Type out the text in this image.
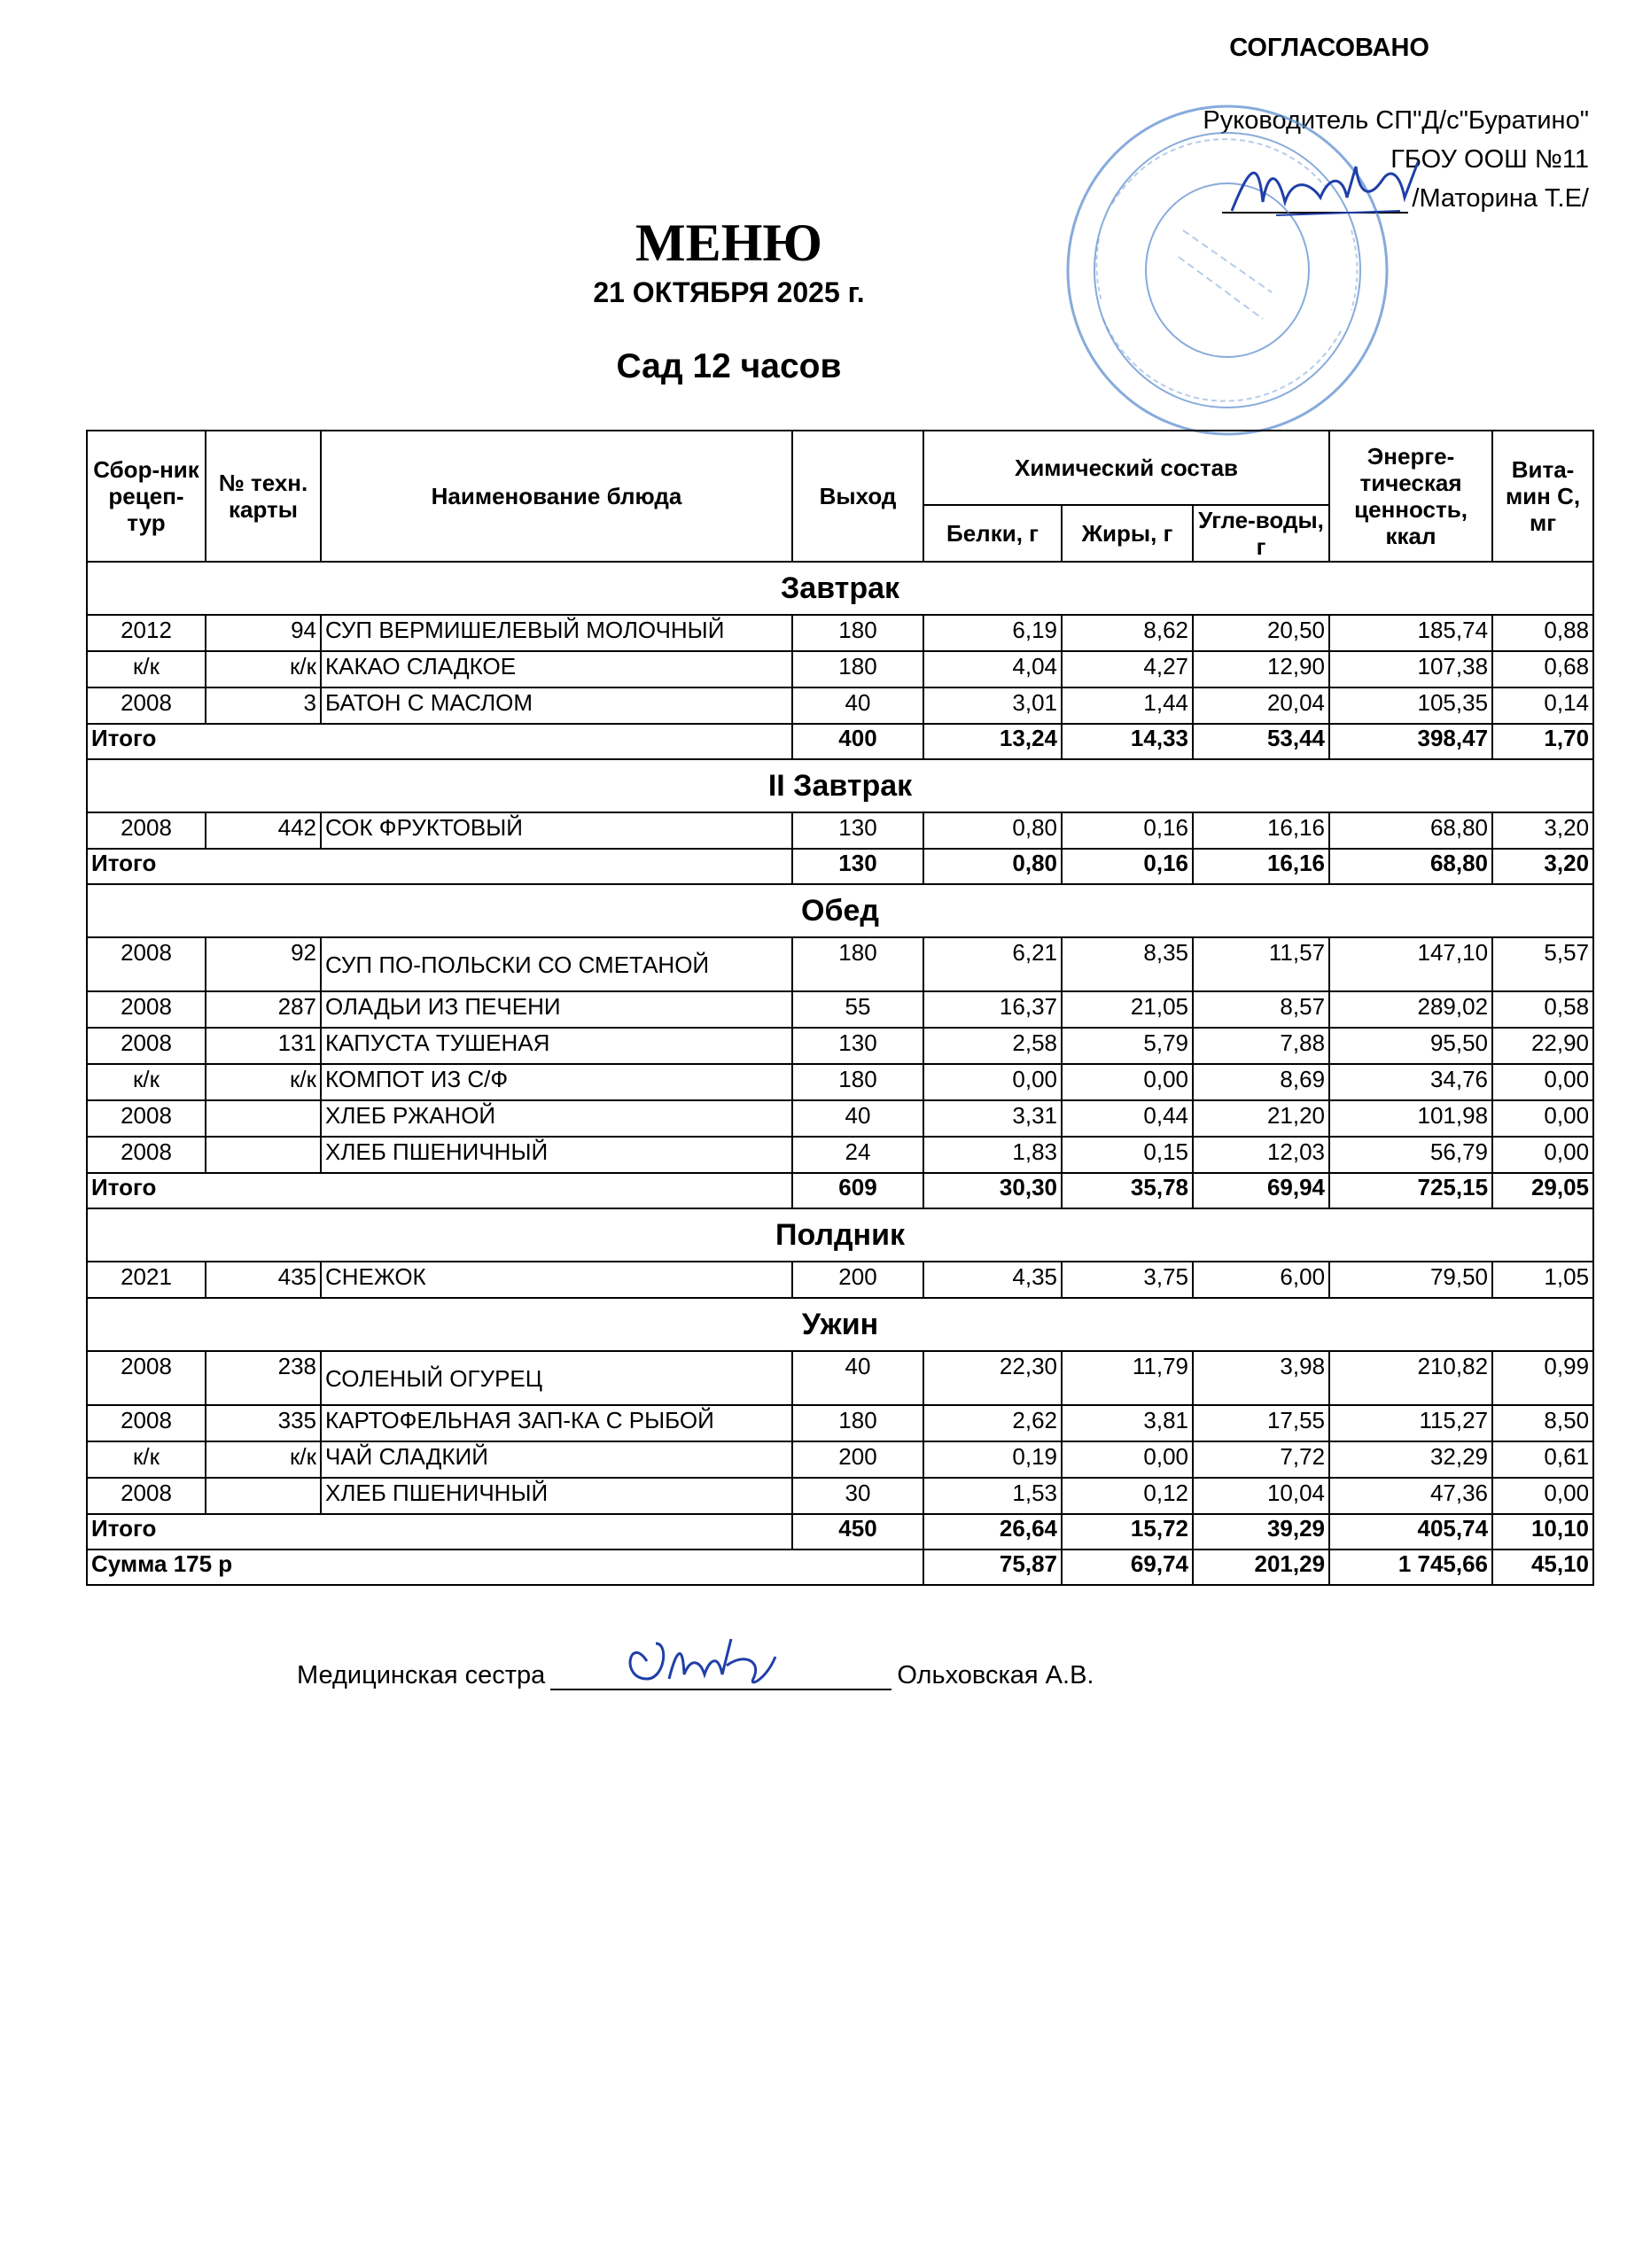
СОГЛАСОВАНО
Руководитель СП"Д/с"Буратино"
ГБОУ ООШ №11
/Маторина Т.Е/
МЕНЮ
21 ОКТЯБРЯ 2025 г.
Сад 12 часов
Сбор-ник рецеп-тур	№ техн. карты	Наименование блюда	Выход	Химический состав			Энерге-тическая ценность, ккал	Вита-мин С, мг
				Белки, г	Жиры, г	Угле-воды, г		
Завтрак								
2012	94	СУП ВЕРМИШЕЛЕВЫЙ МОЛОЧНЫЙ	180	6,19	8,62	20,50	185,74	0,88
к/к	к/к	КАКАО СЛАДКОЕ	180	4,04	4,27	12,90	107,38	0,68
2008	3	БАТОН С МАСЛОМ	40	3,01	1,44	20,04	105,35	0,14
Итого			400	13,24	14,33	53,44	398,47	1,70
II Завтрак								
2008	442	СОК ФРУКТОВЫЙ	130	0,80	0,16	16,16	68,80	3,20
Итого			130	0,80	0,16	16,16	68,80	3,20
Обед								
2008	92	СУП ПО-ПОЛЬСКИ СО СМЕТАНОЙ	180	6,21	8,35	11,57	147,10	5,57
2008	287	ОЛАДЬИ ИЗ ПЕЧЕНИ	55	16,37	21,05	8,57	289,02	0,58
2008	131	КАПУСТА ТУШЕНАЯ	130	2,58	5,79	7,88	95,50	22,90
к/к	к/к	КОМПОТ ИЗ С/Ф	180	0,00	0,00	8,69	34,76	0,00
2008		ХЛЕБ РЖАНОЙ	40	3,31	0,44	21,20	101,98	0,00
2008		ХЛЕБ ПШЕНИЧНЫЙ	24	1,83	0,15	12,03	56,79	0,00
Итого			609	30,30	35,78	69,94	725,15	29,05
Полдник								
2021	435	СНЕЖОК	200	4,35	3,75	6,00	79,50	1,05
Ужин								
2008	238	СОЛЕНЫЙ ОГУРЕЦ	40	22,30	11,79	3,98	210,82	0,99
2008	335	КАРТОФЕЛЬНАЯ ЗАП-КА С РЫБОЙ	180	2,62	3,81	17,55	115,27	8,50
к/к	к/к	ЧАЙ СЛАДКИЙ	200	0,19	0,00	7,72	32,29	0,61
2008		ХЛЕБ ПШЕНИЧНЫЙ	30	1,53	0,12	10,04	47,36	0,00
Итого			450	26,64	15,72	39,29	405,74	10,10
Сумма 175 р				75,87	69,74	201,29	1 745,66	45,10
Медицинская сестра	Ольховская А.В.
